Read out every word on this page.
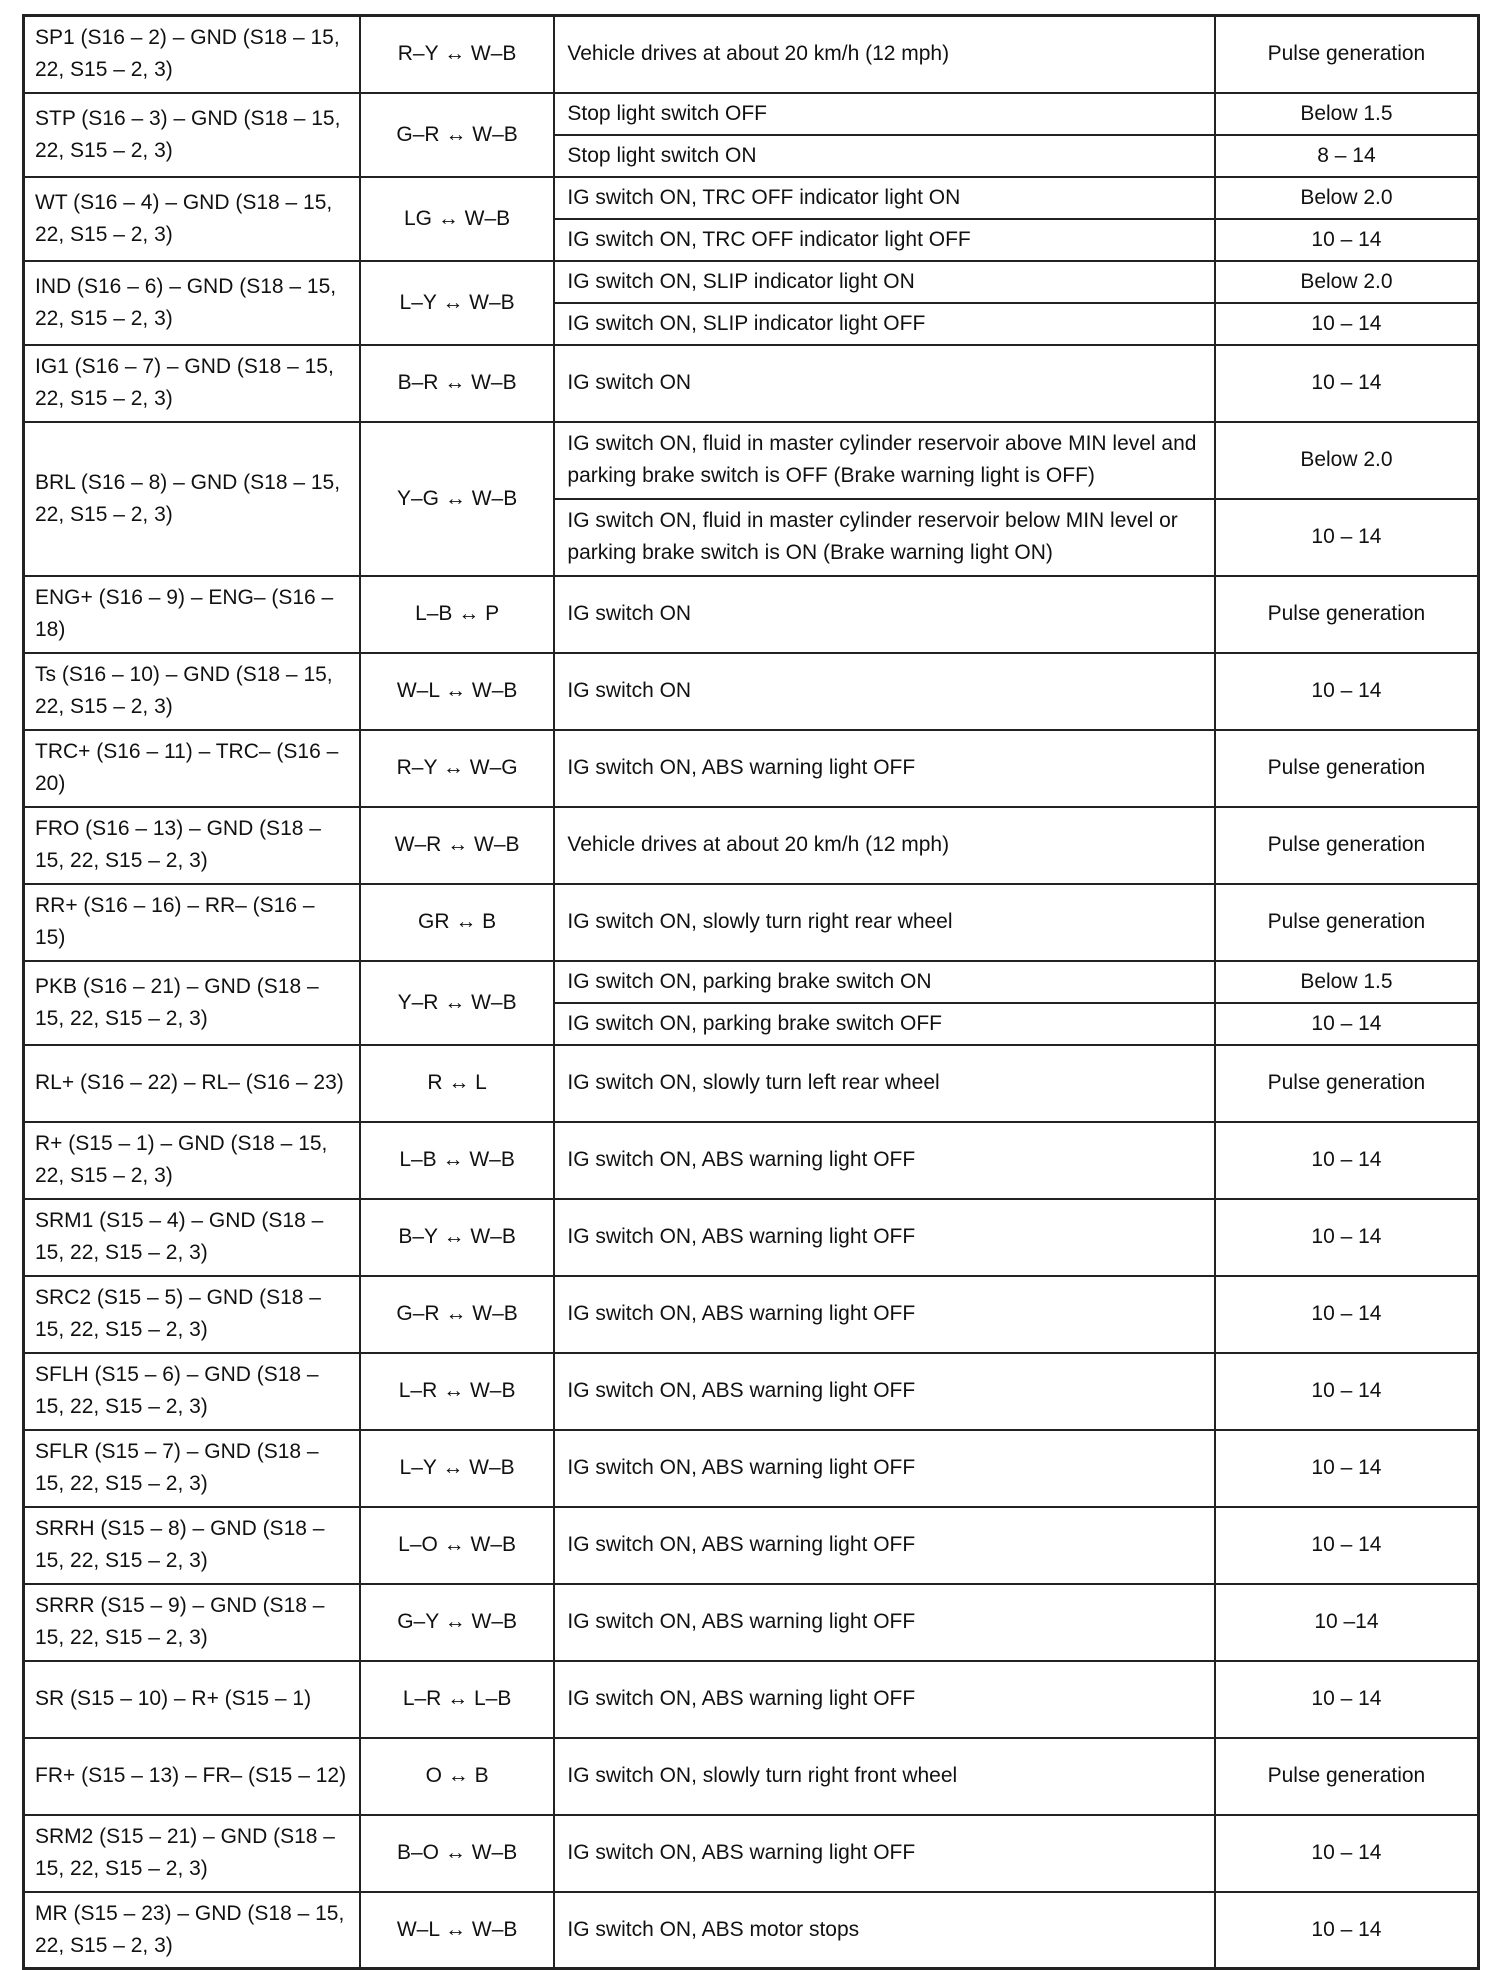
SP1 (S16 – 2) – GND (S18 – 15, 22, S15 – 2, 3)	R–Y ↔ W–B	Vehicle drives at about 20 km/h (12 mph)	Pulse generation
STP (S16 – 3) – GND (S18 – 15, 22, S15 – 2, 3)	G–R ↔ W–B	Stop light switch OFF	Below 1.5
		Stop light switch ON	8 – 14
WT (S16 – 4) – GND (S18 – 15, 22, S15 – 2, 3)	LG ↔ W–B	IG switch ON, TRC OFF indicator light ON	Below 2.0
		IG switch ON, TRC OFF indicator light OFF	10 – 14
IND (S16 – 6) – GND (S18 – 15, 22, S15 – 2, 3)	L–Y ↔ W–B	IG switch ON, SLIP indicator light ON	Below 2.0
		IG switch ON, SLIP indicator light OFF	10 – 14
IG1 (S16 – 7) – GND (S18 – 15, 22, S15 – 2, 3)	B–R ↔ W–B	IG switch ON	10 – 14
BRL (S16 – 8) – GND (S18 – 15, 22, S15 – 2, 3)	Y–G ↔ W–B	IG switch ON, fluid in master cylinder reservoir above MIN level and parking brake switch is OFF (Brake warning light is OFF)	Below 2.0
		IG switch ON, fluid in master cylinder reservoir below MIN level or parking brake switch is ON (Brake warning light ON)	10 – 14
ENG+ (S16 – 9) – ENG– (S16 – 18)	L–B ↔ P	IG switch ON	Pulse generation
Ts (S16 – 10) – GND (S18 – 15, 22, S15 – 2, 3)	W–L ↔ W–B	IG switch ON	10 – 14
TRC+ (S16 – 11) – TRC– (S16 – 20)	R–Y ↔ W–G	IG switch ON, ABS warning light OFF	Pulse generation
FRO (S16 – 13) – GND (S18 – 15, 22, S15 – 2, 3)	W–R ↔ W–B	Vehicle drives at about 20 km/h (12 mph)	Pulse generation
RR+ (S16 – 16) – RR– (S16 – 15)	GR ↔ B	IG switch ON, slowly turn right rear wheel	Pulse generation
PKB (S16 – 21) – GND (S18 – 15, 22, S15 – 2, 3)	Y–R ↔ W–B	IG switch ON, parking brake switch ON	Below 1.5
		IG switch ON, parking brake switch OFF	10 – 14
RL+ (S16 – 22) – RL– (S16 – 23)	R ↔ L	IG switch ON, slowly turn left rear wheel	Pulse generation
R+ (S15 – 1) – GND (S18 – 15, 22, S15 – 2, 3)	L–B ↔ W–B	IG switch ON, ABS warning light OFF	10 – 14
SRM1 (S15 – 4) – GND (S18 – 15, 22, S15 – 2, 3)	B–Y ↔ W–B	IG switch ON, ABS warning light OFF	10 – 14
SRC2 (S15 – 5) – GND (S18 – 15, 22, S15 – 2, 3)	G–R ↔ W–B	IG switch ON, ABS warning light OFF	10 – 14
SFLH (S15 – 6) – GND (S18 – 15, 22, S15 – 2, 3)	L–R ↔ W–B	IG switch ON, ABS warning light OFF	10 – 14
SFLR (S15 – 7) – GND (S18 – 15, 22, S15 – 2, 3)	L–Y ↔ W–B	IG switch ON, ABS warning light OFF	10 – 14
SRRH (S15 – 8) – GND (S18 – 15, 22, S15 – 2, 3)	L–O ↔ W–B	IG switch ON, ABS warning light OFF	10 – 14
SRRR (S15 – 9) – GND (S18 – 15, 22, S15 – 2, 3)	G–Y ↔ W–B	IG switch ON, ABS warning light OFF	10 –14
SR (S15 – 10) – R+ (S15 – 1)	L–R ↔ L–B	IG switch ON, ABS warning light OFF	10 – 14
FR+ (S15 – 13) – FR– (S15 – 12)	O ↔ B	IG switch ON, slowly turn right front wheel	Pulse generation
SRM2 (S15 – 21) – GND (S18 – 15, 22, S15 – 2, 3)	B–O ↔ W–B	IG switch ON, ABS warning light OFF	10 – 14
MR (S15 – 23) – GND (S18 – 15, 22, S15 – 2, 3)	W–L ↔ W–B	IG switch ON, ABS motor stops	10 – 14
